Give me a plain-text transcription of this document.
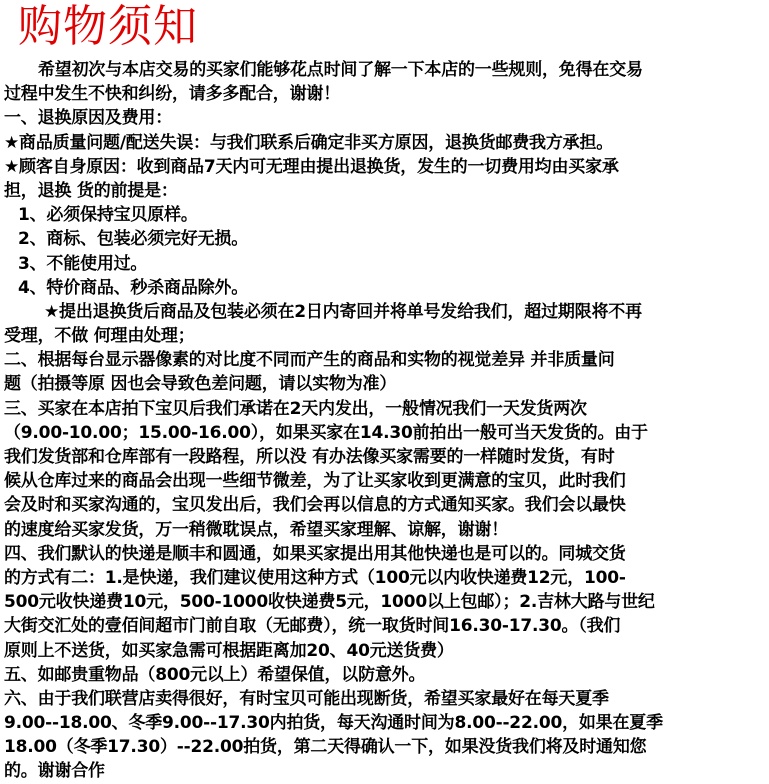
购物须知
希望初次与本店交易的买家们能够花点时间了解一下本店的一些规则，免得在交易
过程中发生不快和纠纷，请多多配合，谢谢！
一、退换原因及费用：
★商品质量问题/配送失误：与我们联系后确定非买方原因，退换货邮费我方承担。
★顾客自身原因：收到商品7天内可无理由提出退换货，发生的一切费用均由买家承
担，退换 货的前提是：
1、必须保持宝贝原样。
2、商标、包装必须完好无损。
3、不能使用过。
4、特价商品、秒杀商品除外。
★提出退换货后商品及包装必须在2日内寄回并将单号发给我们，超过期限将不再
受理，不做 何理由处理；
二、根据每台显示器像素的对比度不同而产生的商品和实物的视觉差异 并非质量问
题（拍摄等原 因也会导致色差问题，请以实物为准）
三、买家在本店拍下宝贝后我们承诺在2天内发出，一般情况我们一天发货两次
（9.00-10.00；15.00-16.00），如果买家在14.30前拍出一般可当天发货的。由于
我们发货部和仓库部有一段路程，所以没 有办法像买家需要的一样随时发货，有时
候从仓库过来的商品会出现一些细节微差，为了让买家收到更满意的宝贝，此时我们
会及时和买家沟通的，宝贝发出后，我们会再以信息的方式通知买家。我们会以最快
的速度给买家发货，万一稍微耽误点，希望买家理解、谅解，谢谢！
四、我们默认的快递是顺丰和圆通，如果买家提出用其他快递也是可以的。同城交货
的方式有二：1.是快递，我们建议使用这种方式（100元以内收快递费12元，100-
500元收快递费10元，500-1000收快递费5元，1000以上包邮）；2.吉林大路与世纪
大街交汇处的壹佰间超市门前自取（无邮费），统一取货时间16.30-17.30。（我们
原则上不送货，如买家急需可根据距离加20、40元送货费）
五、如邮贵重物品（800元以上）希望保值，以防意外。
六、由于我们联营店卖得很好，有时宝贝可能出现断货，希望买家最好在每天夏季
9.00--18.00、冬季9.00--17.30内拍货，每天沟通时间为8.00--22.00，如果在夏季
18.00（冬季17.30）--22.00拍货，第二天得确认一下，如果没货我们将及时通知您
的。谢谢合作
